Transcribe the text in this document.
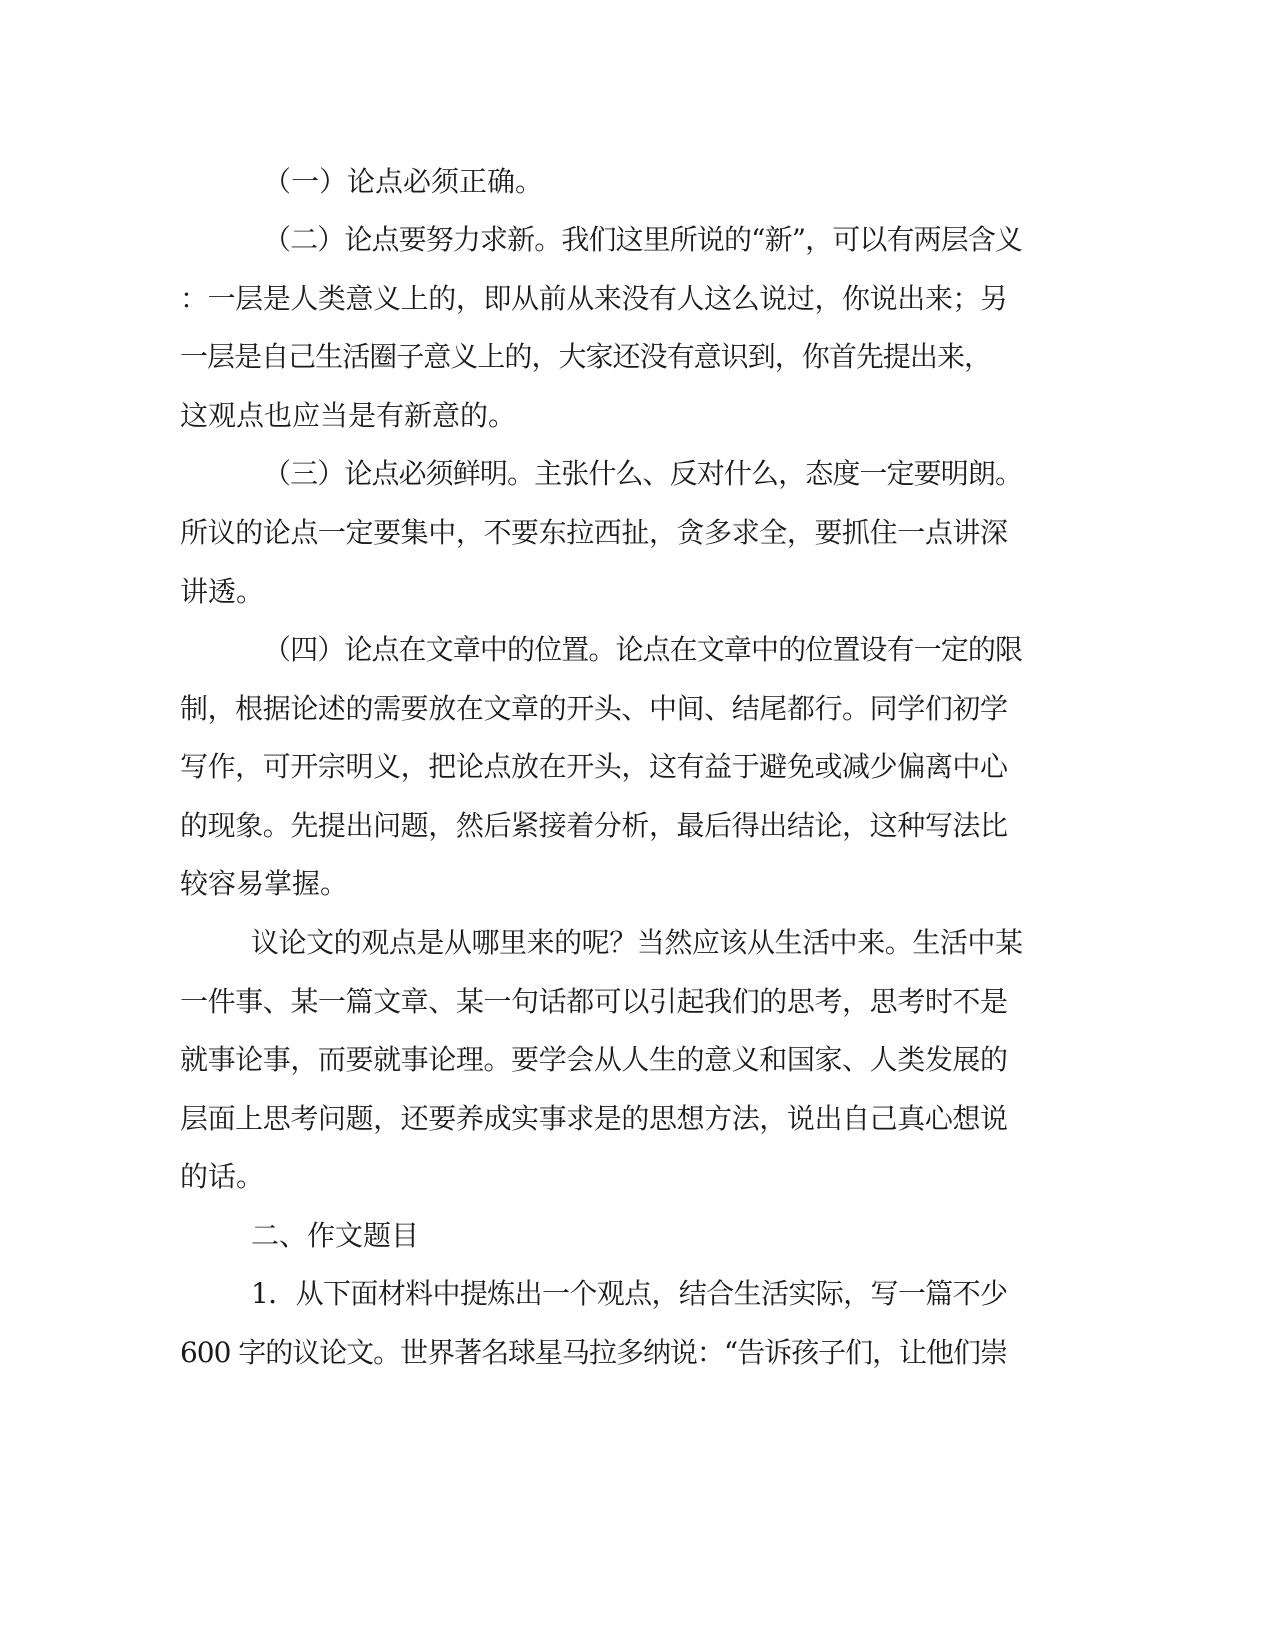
（一）论点必须正确。
（二）论点要努力求新。我们这里所说的“新”，可以有两层含义
：一层是人类意义上的，即从前从来没有人这么说过，你说出来；另
一层是自己生活圈子意义上的，大家还没有意识到，你首先提出来，
这观点也应当是有新意的。
（三）论点必须鲜明。主张什么、反对什么，态度一定要明朗。
所议的论点一定要集中，不要东拉西扯，贪多求全，要抓住一点讲深
讲透。
（四）论点在文章中的位置。论点在文章中的位置设有一定的限
制，根据论述的需要放在文章的开头、中间、结尾都行。同学们初学
写作，可开宗明义，把论点放在开头，这有益于避免或减少偏离中心
的现象。先提出问题，然后紧接着分析，最后得出结论，这种写法比
较容易掌握。
议论文的观点是从哪里来的呢？当然应该从生活中来。生活中某
一件事、某一篇文章、某一句话都可以引起我们的思考，思考时不是
就事论事，而要就事论理。要学会从人生的意义和国家、人类发展的
层面上思考问题，还要养成实事求是的思想方法，说出自己真心想说
的话。
二、作文题目
1．从下面材料中提炼出一个观点，结合生活实际，写一篇不少
600 字的议论文。世界著名球星马拉多纳说：“告诉孩子们，让他们崇
